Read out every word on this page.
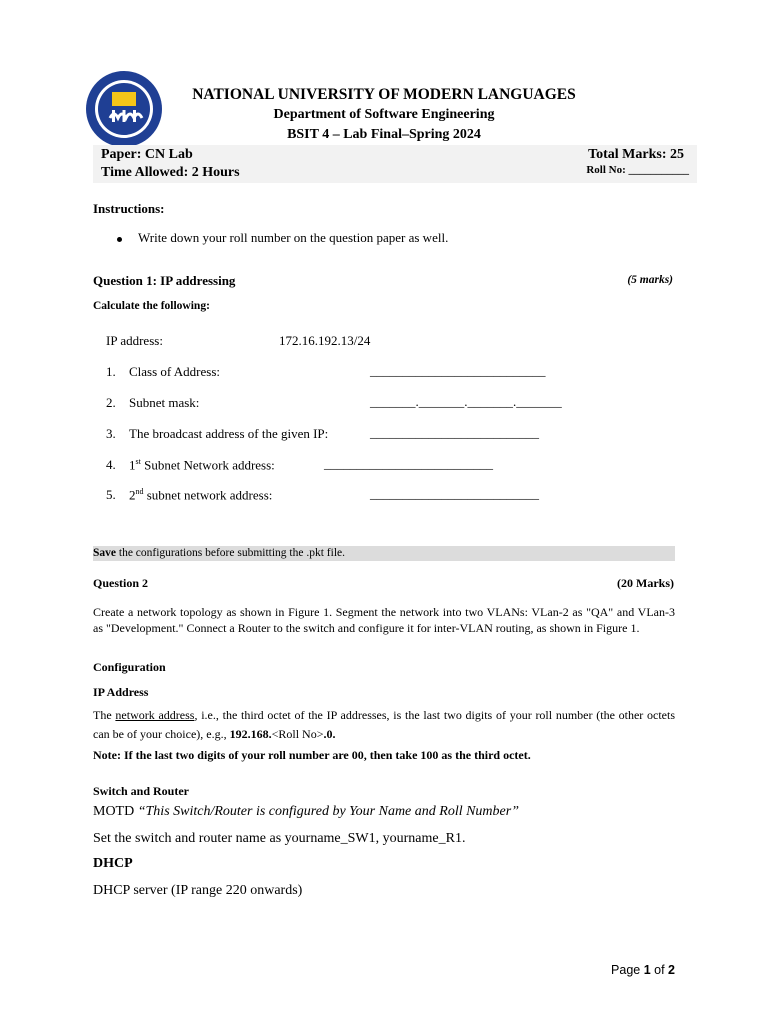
NATIONAL UNIVERSITY OF MODERN LANGUAGES
Department of Software Engineering
BSIT 4 – Lab Final–Spring 2024
Paper: CN Lab
Time Allowed: 2 Hours
Total Marks: 25
Roll No: ___________
Instructions:
Write down your roll number on the question paper as well.
Question 1: IP addressing	(5 marks)
Calculate the following:
IP address:	172.16.192.13/24
1. Class of Address:	___________________________
2. Subnet mask:	_______._______._______._______
3. The broadcast address of the given IP:	__________________________
4. 1st Subnet Network address:	__________________________
5. 2nd subnet network address:	__________________________
Save the configurations before submitting the .pkt file.
Question 2	(20 Marks)
Create a network topology as shown in Figure 1. Segment the network into two VLANs: VLan-2 as "QA" and VLan-3 as "Development." Connect a Router to the switch and configure it for inter-VLAN routing, as shown in Figure 1.
Configuration
IP Address
The network address, i.e., the third octet of the IP addresses, is the last two digits of your roll number (the other octets can be of your choice), e.g., 192.168.<Roll No>.0.
Note: If the last two digits of your roll number are 00, then take 100 as the third octet.
Switch and Router
MOTD “This Switch/Router is configured by Your Name and Roll Number”
Set the switch and router name as yourname_SW1, yourname_R1.
DHCP
DHCP server (IP range 220 onwards)
Page 1 of 2
